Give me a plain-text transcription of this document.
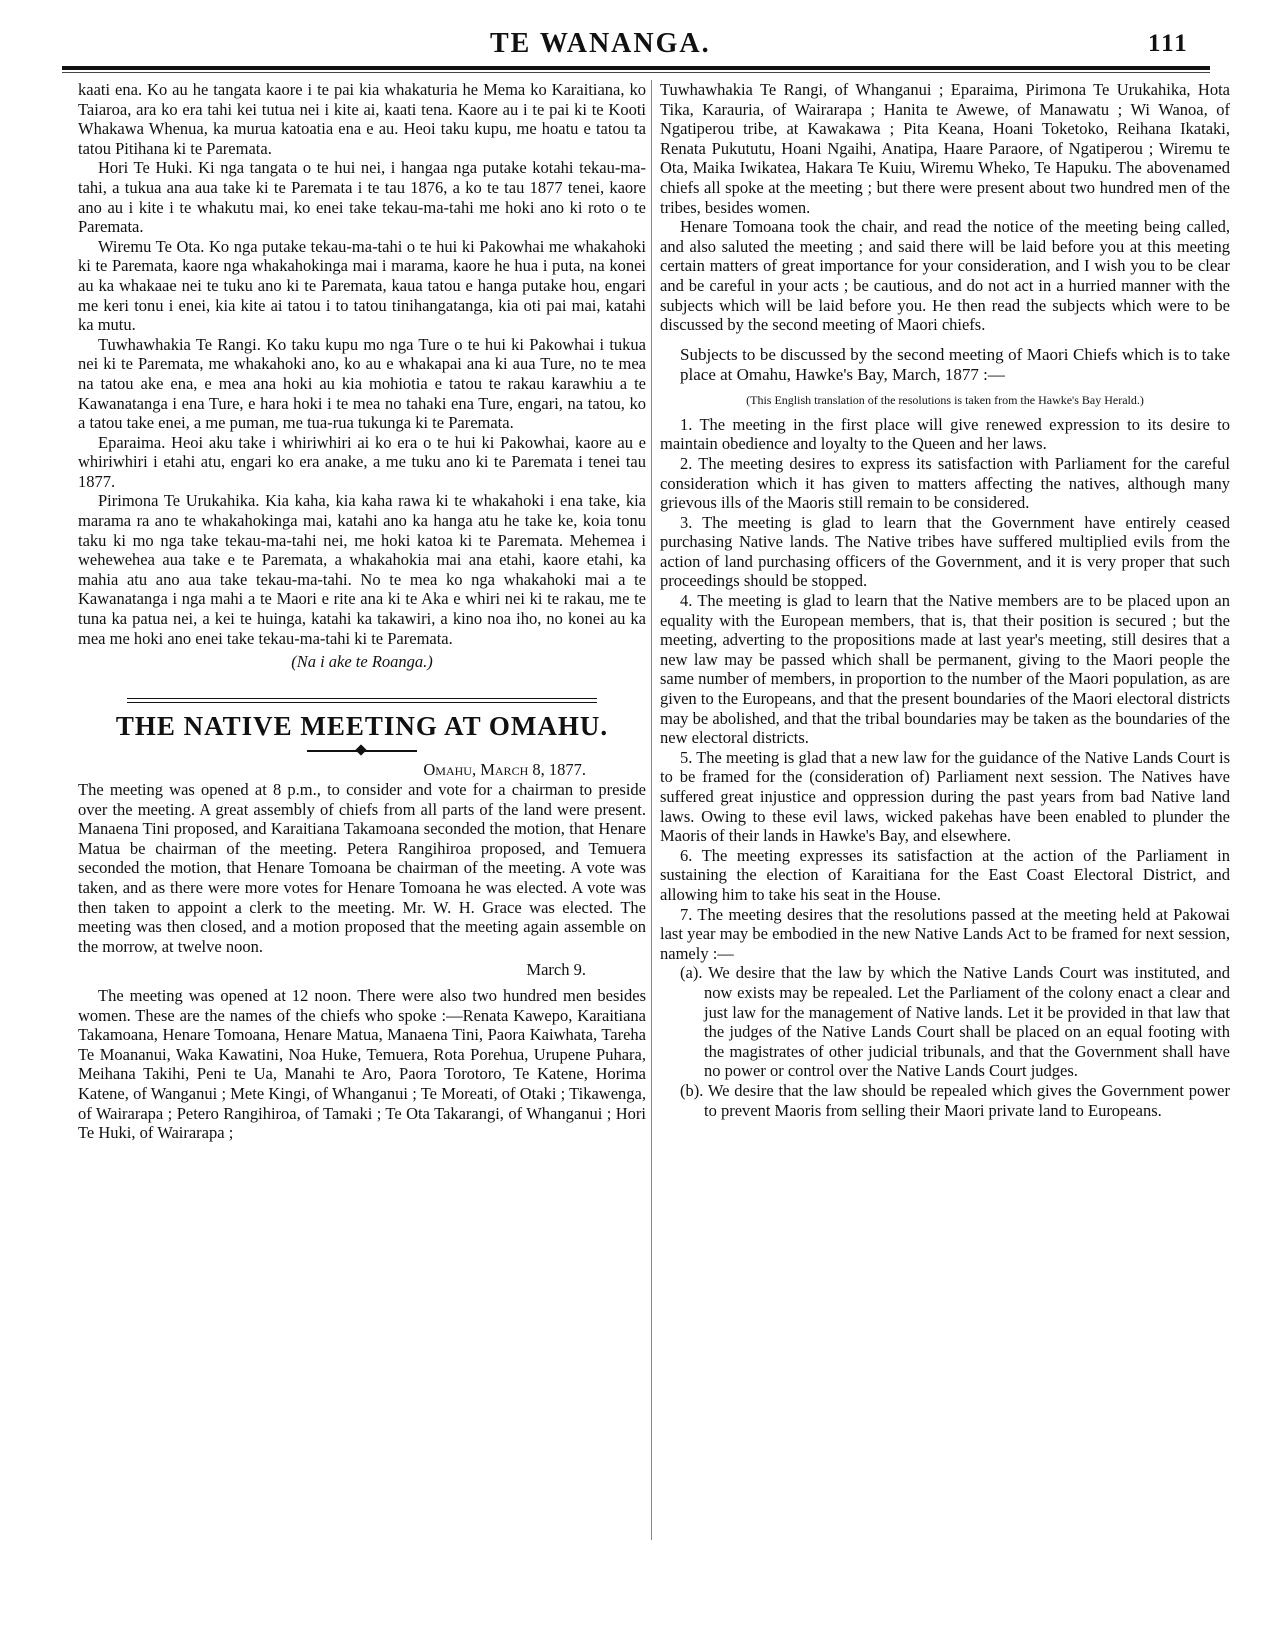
TE WANANGA.	111

kaati ena. Ko au he tangata kaore i te pai kia whakaturia he Mema ko Karaitiana, ko Taiaroa, ara ko era tahi kei tutua nei i kite ai, kaati tena. Kaore au i te pai ki te Kooti Whakawa Whenua, ka murua katoatia ena e au. Heoi taku kupu, me hoatu e tatou ta tatou Pitihana ki te Paremata.

Hori Te Huki. Ki nga tangata o te hui nei, i hangaa nga putake kotahi tekau-ma-tahi, a tukua ana aua take ki te Paremata i te tau 1876, a ko te tau 1877 tenei, kaore ano au i kite i te whakutu mai, ko enei take tekau-ma-tahi me hoki ano ki roto o te Paremata.

Wiremu Te Ota. Ko nga putake tekau-ma-tahi o te hui ki Pakowhai me whakahoki ki te Paremata, kaore nga whakahokinga mai i marama, kaore he hua i puta, na konei au ka whakaae nei te tuku ano ki te Paremata, kaua tatou e hanga putake hou, engari me keri tonu i enei, kia kite ai tatou i to tatou tinihangatanga, kia oti pai mai, katahi ka mutu.

Tuwhawhakia Te Rangi. Ko taku kupu mo nga Ture o te hui ki Pakowhai i tukua nei ki te Paremata, me whakahoki ano, ko au e whakapai ana ki aua Ture, no te mea na tatou ake ena, e mea ana hoki au kia mohiotia e tatou te rakau karawhiu a te Kawanatanga i ena Ture, e hara hoki i te mea no tahaki ena Ture, engari, na tatou, ko a tatou take enei, a me puman, me tua-rua tukunga ki te Paremata.

Eparaima. Heoi aku take i whiriwhiri ai ko era o te hui ki Pakowhai, kaore au e whiriwhiri i etahi atu, engari ko era anake, a me tuku ano ki te Paremata i tenei tau 1877.

Pirimona Te Urukahika. Kia kaha, kia kaha rawa ki te whakahoki i ena take, kia marama ra ano te whakahokinga mai, katahi ano ka hanga atu he take ke, koia tonu taku ki mo nga take tekau-ma-tahi nei, me hoki katoa ki te Paremata. Mehemea i wehewehea aua take e te Paremata, a whakahokia mai ana etahi, kaore etahi, ka mahia atu ano aua take tekau-ma-tahi. No te mea ko nga whakahoki mai a te Kawanatanga i nga mahi a te Maori e rite ana ki te Aka e whiri nei ki te rakau, me te tuna ka patua nei, a kei te huinga, katahi ka takawiri, a kino noa iho, no konei au ka mea me hoki ano enei take tekau-ma-tahi ki te Paremata.

(Na i ake te Roanga.)

THE NATIVE MEETING AT OMAHU.

Omahu, March 8, 1877.

The meeting was opened at 8 p.m., to consider and vote for a chairman to preside over the meeting. A great assembly of chiefs from all parts of the land were present. Manaena Tini proposed, and Karaitiana Takamoana seconded the motion, that Henare Matua be chairman of the meeting. Petera Rangihiroa proposed, and Temuera seconded the motion, that Henare Tomoana be chairman of the meeting. A vote was taken, and as there were more votes for Henare Tomoana he was elected. A vote was then taken to appoint a clerk to the meeting. Mr. W. H. Grace was elected. The meeting was then closed, and a motion proposed that the meeting again assemble on the morrow, at twelve noon.

March 9.

The meeting was opened at 12 noon. There were also two hundred men besides women. These are the names of the chiefs who spoke :—Renata Kawepo, Karaitiana Takamoana, Henare Tomoana, Henare Matua, Manaena Tini, Paora Kaiwhata, Tareha Te Moananui, Waka Kawatini, Noa Huke, Temuera, Rota Porehua, Urupene Puhara, Meihana Takihi, Peni te Ua, Manahi te Aro, Paora Torotoro, Te Katene, Horima Katene, of Wanganui ; Mete Kingi, of Whanganui ; Te Moreati, of Otaki ; Tikawenga, of Wairarapa ; Petero Rangihiroa, of Tamaki ; Te Ota Takarangi, of Whanganui ; Hori Te Huki, of Wairarapa ;

Tuwhawhakia Te Rangi, of Whanganui ; Eparaima, Pirimona Te Urukahika, Hota Tika, Karauria, of Wairarapa ; Hanita te Awewe, of Manawatu ; Wi Wanoa, of Ngatiperou tribe, at Kawakawa ; Pita Keana, Hoani Toketoko, Reihana Ikataki, Renata Pukututu, Hoani Ngaihi, Anatipa, Haare Paraore, of Ngatiperou ; Wiremu te Ota, Maika Iwikatea, Hakara Te Kuiu, Wiremu Wheko, Te Hapuku. The abovenamed chiefs all spoke at the meeting ; but there were present about two hundred men of the tribes, besides women.

Henare Tomoana took the chair, and read the notice of the meeting being called, and also saluted the meeting ; and said there will be laid before you at this meeting certain matters of great importance for your consideration, and I wish you to be clear and be careful in your acts ; be cautious, and do not act in a hurried manner with the subjects which will be laid before you. He then read the subjects which were to be discussed by the second meeting of Maori chiefs.

Subjects to be discussed by the second meeting of Maori Chiefs which is to take place at Omahu, Hawke's Bay, March, 1877 :—

(This English translation of the resolutions is taken from the Hawke's Bay Herald.)

1. The meeting in the first place will give renewed expression to its desire to maintain obedience and loyalty to the Queen and her laws.

2. The meeting desires to express its satisfaction with Parliament for the careful consideration which it has given to matters affecting the natives, although many grievous ills of the Maoris still remain to be considered.

3. The meeting is glad to learn that the Government have entirely ceased purchasing Native lands. The Native tribes have suffered multiplied evils from the action of land purchasing officers of the Government, and it is very proper that such proceedings should be stopped.

4. The meeting is glad to learn that the Native members are to be placed upon an equality with the European members, that is, that their position is secured ; but the meeting, adverting to the propositions made at last year's meeting, still desires that a new law may be passed which shall be permanent, giving to the Maori people the same number of members, in proportion to the number of the Maori population, as are given to the Europeans, and that the present boundaries of the Maori electoral districts may be abolished, and that the tribal boundaries may be taken as the boundaries of the new electoral districts.

5. The meeting is glad that a new law for the guidance of the Native Lands Court is to be framed for the (consideration of) Parliament next session. The Natives have suffered great injustice and oppression during the past years from bad Native land laws. Owing to these evil laws, wicked pakehas have been enabled to plunder the Maoris of their lands in Hawke's Bay, and elsewhere.

6. The meeting expresses its satisfaction at the action of the Parliament in sustaining the election of Karaitiana for the East Coast Electoral District, and allowing him to take his seat in the House.

7. The meeting desires that the resolutions passed at the meeting held at Pakowai last year may be embodied in the new Native Lands Act to be framed for next session, namely :—

(a). We desire that the law by which the Native Lands Court was instituted, and now exists may be repealed. Let the Parliament of the colony enact a clear and just law for the management of Native lands. Let it be provided in that law that the judges of the Native Lands Court shall be placed on an equal footing with the magistrates of other judicial tribunals, and that the Government shall have no power or control over the Native Lands Court judges.

(b). We desire that the law should be repealed which gives the Government power to prevent Maoris from selling their Maori private land to Europeans.
